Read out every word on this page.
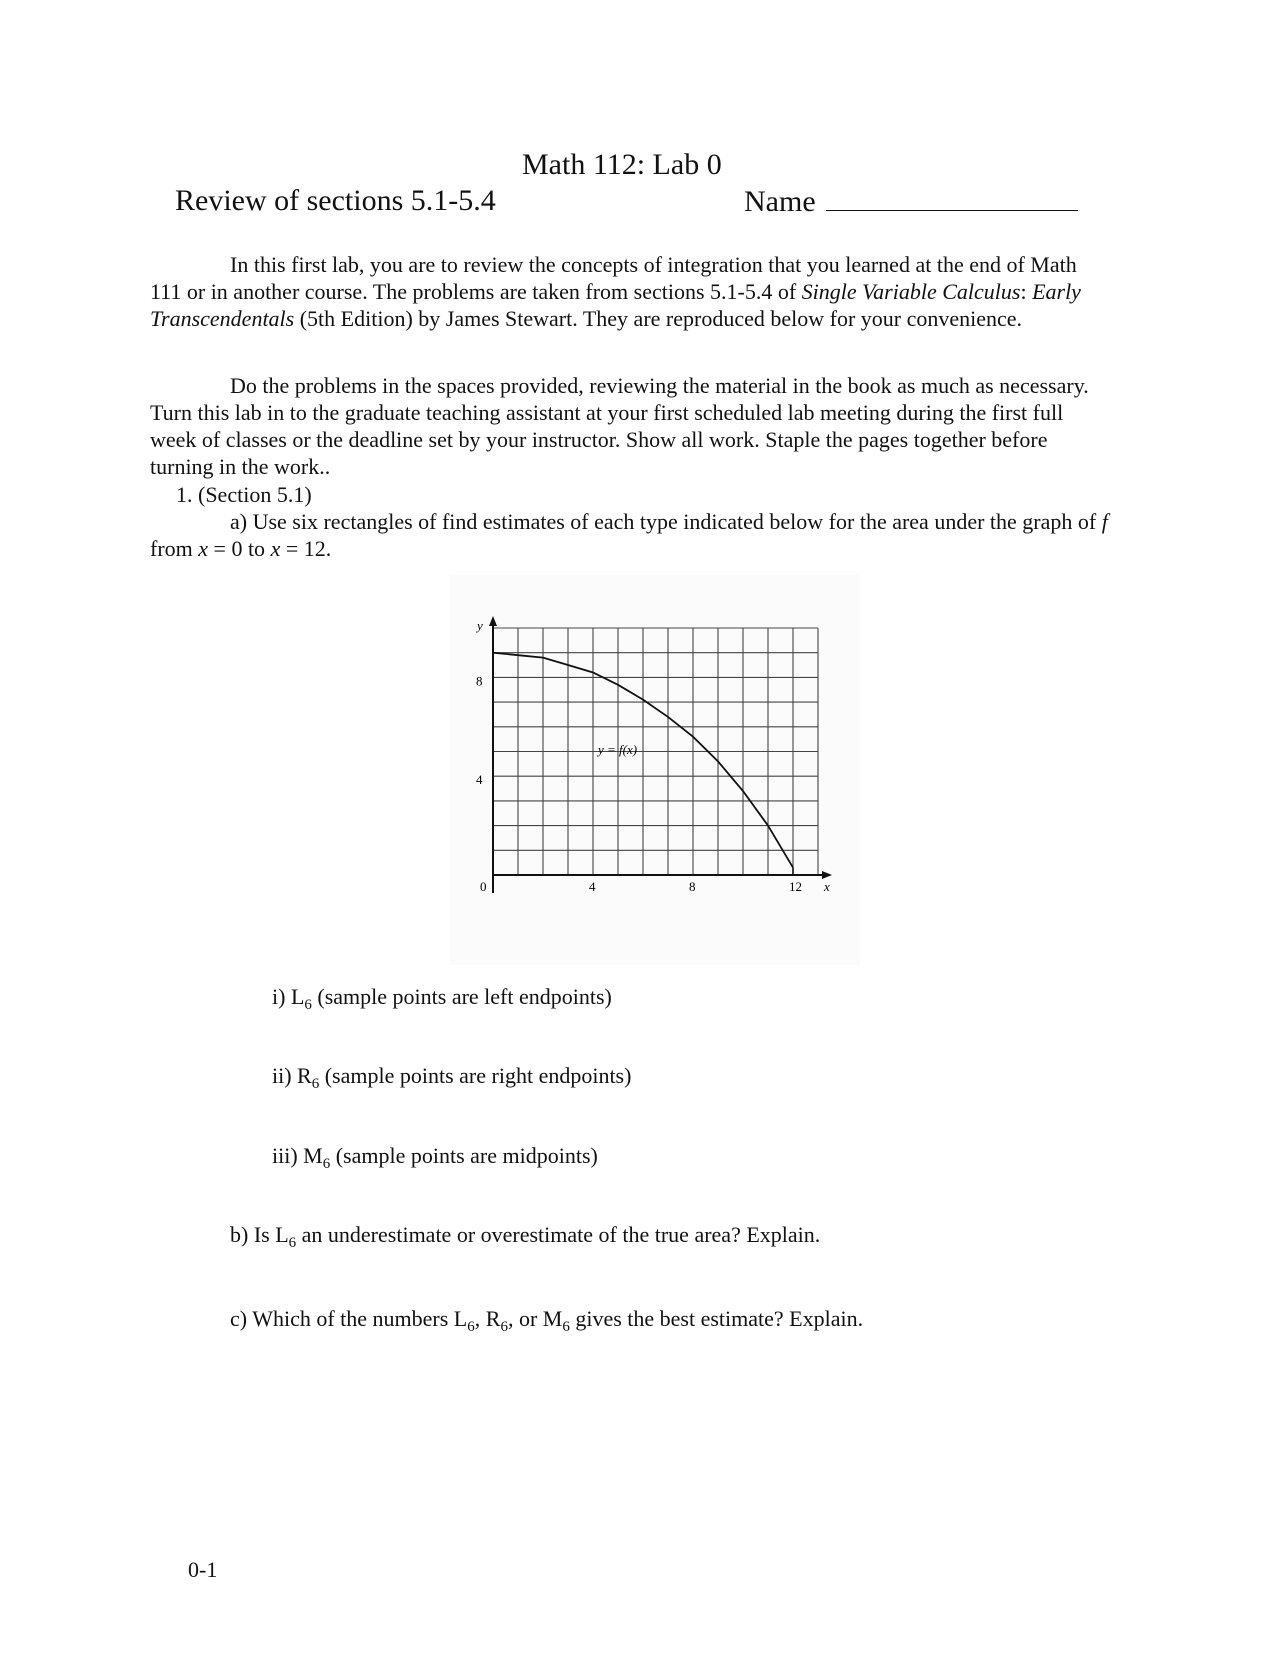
Math 112: Lab 0
Review of sections 5.1-5.4	Name
In this first lab, you are to review the concepts of integration that you learned at the end of Math 111 or in another course. The problems are taken from sections 5.1-5.4 of Single Variable Calculus: Early Transcendentals (5th Edition) by James Stewart. They are reproduced below for your convenience.
Do the problems in the spaces provided, reviewing the material in the book as much as necessary. Turn this lab in to the graduate teaching assistant at your first scheduled lab meeting during the first full week of classes or the deadline set by your instructor. Show all work. Staple the pages together before turning in the work..
1. (Section 5.1)
a) Use six rectangles of find estimates of each type indicated below for the area under the graph of f from x = 0 to x = 12.
0	4	8	12
4
8
y
x
y = f(x)
i) $L_6$ (sample points are left endpoints)
ii) $R_6$ (sample points are right endpoints)
iii) $M_6$ (sample points are midpoints)
b) Is $L_6$ an underestimate or overestimate of the true area? Explain.
c) Which of the numbers $L_6$, $R_6$, or $M_6$ gives the best estimate? Explain.
0-1
